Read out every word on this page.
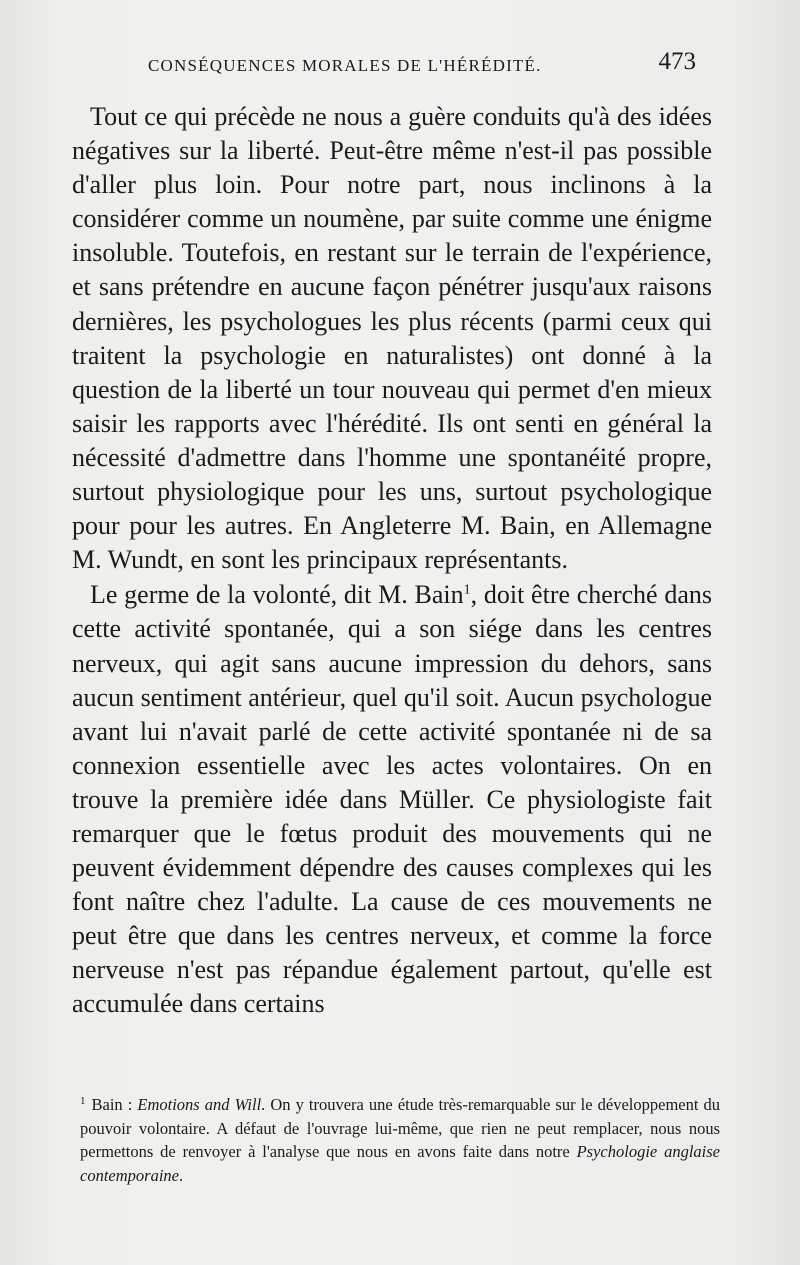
CONSÉQUENCES MORALES DE L'HÉRÉDITÉ.	473

Tout ce qui précède ne nous a guère conduits qu'à des idées négatives sur la liberté. Peut-être même n'est-il pas possible d'aller plus loin. Pour notre part, nous inclinons à la considérer comme un noumène, par suite comme une énigme insoluble. Toutefois, en restant sur le terrain de l'expérience, et sans prétendre en aucune façon pénétrer jusqu'aux raisons dernières, les psychologues les plus récents (parmi ceux qui traitent la psychologie en naturalistes) ont donné à la question de la liberté un tour nouveau qui permet d'en mieux saisir les rapports avec l'hérédité. Ils ont senti en général la nécessité d'admettre dans l'homme une spontanéité propre, surtout physiologique pour les uns, surtout psychologique pour pour les autres. En Angleterre M. Bain, en Allemagne M. Wundt, en sont les principaux représentants.

Le germe de la volonté, dit M. Bain$^1$, doit être cherché dans cette activité spontanée, qui a son siége dans les centres nerveux, qui agit sans aucune impression du dehors, sans aucun sentiment antérieur, quel qu'il soit. Aucun psychologue avant lui n'avait parlé de cette activité spontanée ni de sa connexion essentielle avec les actes volontaires. On en trouve la première idée dans Müller. Ce physiologiste fait remarquer que le fœtus produit des mouvements qui ne peuvent évidemment dépendre des causes complexes qui les font naître chez l'adulte. La cause de ces mouvements ne peut être que dans les centres nerveux, et comme la force nerveuse n'est pas répandue également partout, qu'elle est accumulée dans certains

$^1$ Bain : Emotions and Will. On y trouvera une étude très-remarquable sur le développement du pouvoir volontaire. A défaut de l'ouvrage lui-même, que rien ne peut remplacer, nous nous permettons de renvoyer à l'analyse que nous en avons faite dans notre Psychologie anglaise contemporaine.
